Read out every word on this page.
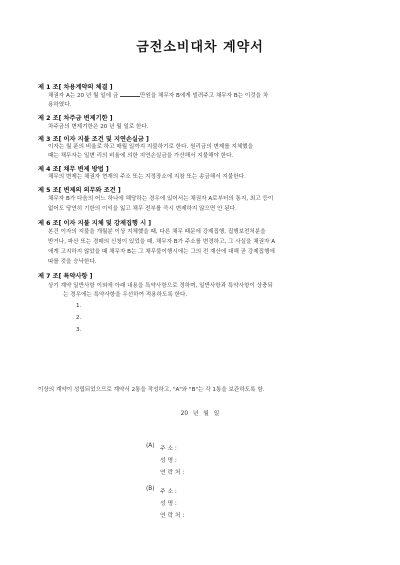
금전소비대차 계약서
제 1 조[ 차용계약의 체결 ]
채권자 A는 20 년 월 일에 금	만원을 채무자 B에게 빌려주고 채무자 B는 이것을 차
용하였다.
제 2 조[ 차주금 변제기한 ]
차주금의 변제기한은 20 년 월 일로 한다.
제 3 조[ 이자 지불 조건 및 지연손실금 ]
이자는 월 푼의 비율로 하고 매월 일까지 지불하기로 한다. 원리금의 변제를 지체했을
때는 채무자는 일변 리의 비율에 의한 지연손실금을 가산해서 지불해야 한다.
제 4 조[ 채무 변제 방법 ]
채무의 변제는 채권자 현재의 주소 또는 지정장소에 지참 또는 송금해서 지불한다.
제 5 조[ 변제의 의무와 조건 ]
채무자 B가 다음의 어느 하나에 해당하는 경우에 있어서는 채권자 A로부터의 통지, 최고 등이
없어도 당연히 기한의 이익을 잃고 채무 전부를 즉시 변제하지 않으면 안 된다.
제 6 조[ 이자 지불 지체 및 강제집행 시 ]
본건 이자의 지불을 개월분 이상 지체했을 때, 다른 채무 때문에 강제집행, 집행보전처분을
받거나, 파산 또는 경매의 신청이 있었을 때, 채무자 B가 주소를 변경하고, 그 사실을 채권자 A
에게 고지하지 않았을 때 채무자 B는 그 채무불이행시에는 그의 전 재산에 대해 곧 강제집행에
따를 것을 승낙한다.
제 7 조[ 특약사항 ]
상기 계약 일반사항 이외에 아래 내용을 특약사항으로 정하며, 일반사항과 특약사항이 상충되
는 경우에는 특약사항을 우선하여 적용하도록 한다.
1.
2.
3.
이상의 계약이 성립되었으므로 계약서 2통을 작성하고, "A"와 "B"는 각 1통을 보관하도록 함.
20 년 월 일
(A) 주 소 :
성 명 :
연 락 처 :
(B) 주 소 :
성 명 :
연 락 처 :
